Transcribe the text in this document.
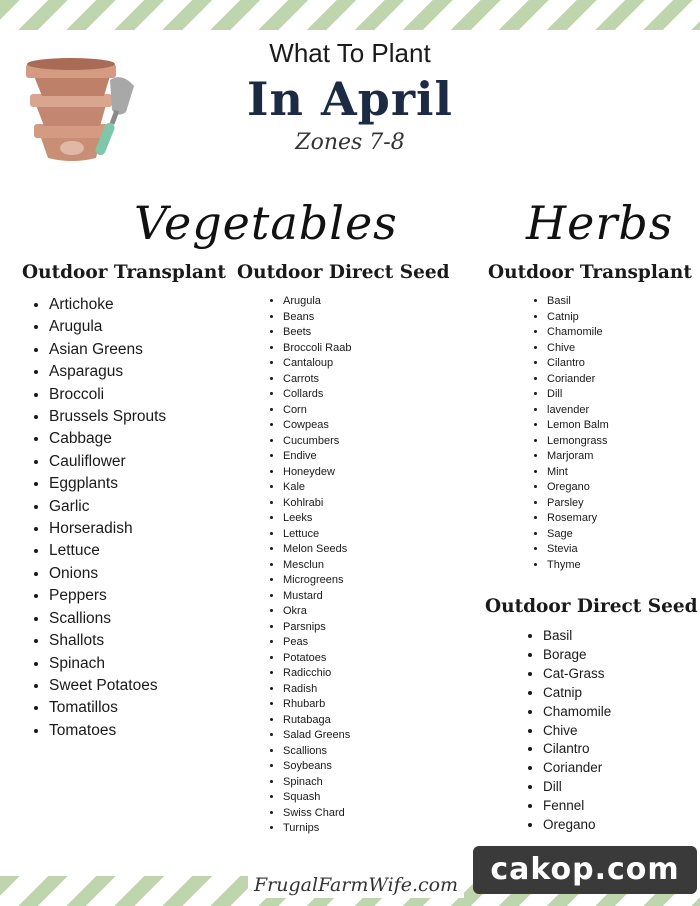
What To Plant
In April
Zones 7-8
Vegetables	Herbs
Outdoor Transplant Outdoor Direct Seed Outdoor Transplant
Outdoor Direct Seed
• Artichoke
• Arugula
• Asian Greens
• Asparagus
• Broccoli
• Brussels Sprouts
• Cabbage
• Cauliflower
• Eggplants
• Garlic
• Horseradish
• Lettuce
• Onions
• Peppers
• Scallions
• Shallots
• Spinach
• Sweet Potatoes
• Tomatillos
• Tomatoes
• Arugula
• Beans
• Beets
• Broccoli Raab
• Cantaloup
• Carrots
• Collards
• Corn
• Cowpeas
• Cucumbers
• Endive
• Honeydew
• Kale
• Kohlrabi
• Leeks
• Lettuce
• Melon Seeds
• Mesclun
• Microgreens
• Mustard
• Okra
• Parsnips
• Peas
• Potatoes
• Radicchio
• Radish
• Rhubarb
• Rutabaga
• Salad Greens
• Scallions
• Soybeans
• Spinach
• Squash
• Swiss Chard
• Turnips
• Basil
• Catnip
• Chamomile
• Chive
• Cilantro
• Coriander
• Dill
• lavender
• Lemon Balm
• Lemongrass
• Marjoram
• Mint
• Oregano
• Parsley
• Rosemary
• Sage
• Stevia
• Thyme
• Basil
• Borage
• Cat-Grass
• Catnip
• Chamomile
• Chive
• Cilantro
• Coriander
• Dill
• Fennel
• Oregano
FrugalFarmWife.com	cakop.com
